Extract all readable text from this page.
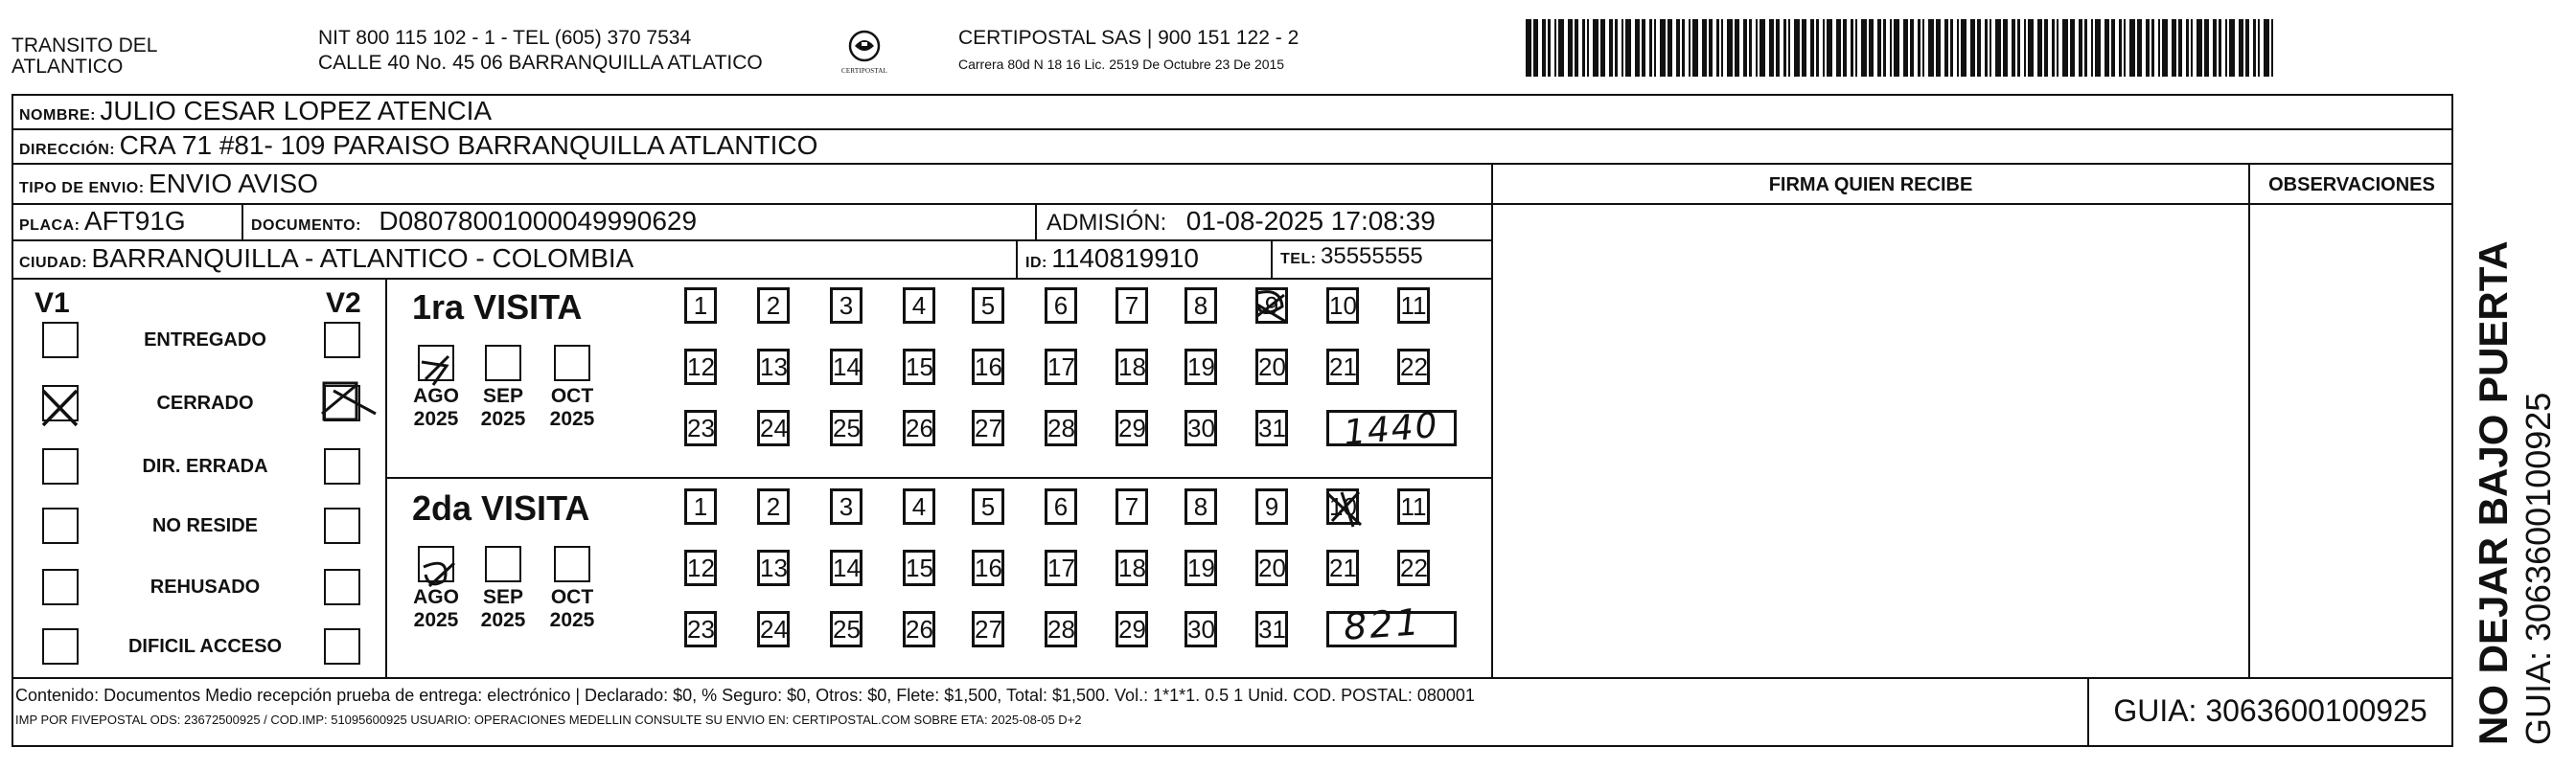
TRANSITO DEL
ATLANTICO
NIT 800 115 102 - 1 - TEL (605) 370 7534
CALLE 40 No. 45 06 BARRANQUILLA ATLATICO	CERTIPOSTAL
CERTIPOSTAL SAS | 900 151 122 - 2
Carrera 80d N 18 16 Lic. 2519 De Octubre 23 De 2015
NOMBRE: JULIO CESAR LOPEZ ATENCIA
DIRECCIÓN: CRA 71 #81- 109 PARAISO BARRANQUILLA ATLANTICO
TIPO DE ENVIO: ENVIO AVISO
PLACA: AFT91G	DOCUMENTO: D08078001000049990629	ADMISIÓN: 01-08-2025 17:08:39
CIUDAD: BARRANQUILLA - ATLANTICO - COLOMBIA	ID: 1140819910	TEL: 35555555
FIRMA QUIEN RECIBE	OBSERVACIONES
V1	V2
ENTREGADO
CERRADO
DIR. ERRADA
NO RESIDE
REHUSADO
DIFICIL ACCESO
1ra VISITA
2da VISITA
AGO
2025
SEP
2025
OCT
2025
1	2	3	4	5	6	7	8	9	10 11
12 13 14 15 16 17 18 19 20 21 22
23 24 25 26 27 28 29 30 31
AGO
2025
SEP
2025
OCT
2025
1	2	3	4	5	6	7	8	9	10 11
12 13 14 15 16 17 18 19 20 21 22
23 24 25 26 27 28 29 30 31
1440
821
Contenido: Documentos Medio recepción prueba de entrega: electrónico | Declarado: $0, % Seguro: $0, Otros: $0, Flete: $1,500, Total: $1,500. Vol.: 1*1*1. 0.5 1 Unid. COD. POSTAL: 080001
IMP POR FIVEPOSTAL ODS: 23672500925 / COD.IMP: 51095600925 USUARIO: OPERACIONES MEDELLIN CONSULTE SU ENVIO EN: CERTIPOSTAL.COM SOBRE ETA: 2025-08-05 D+2	GUIA: 3063600100925	NO DEJAR BAJO PUERTA GUIA: 3063600100925
